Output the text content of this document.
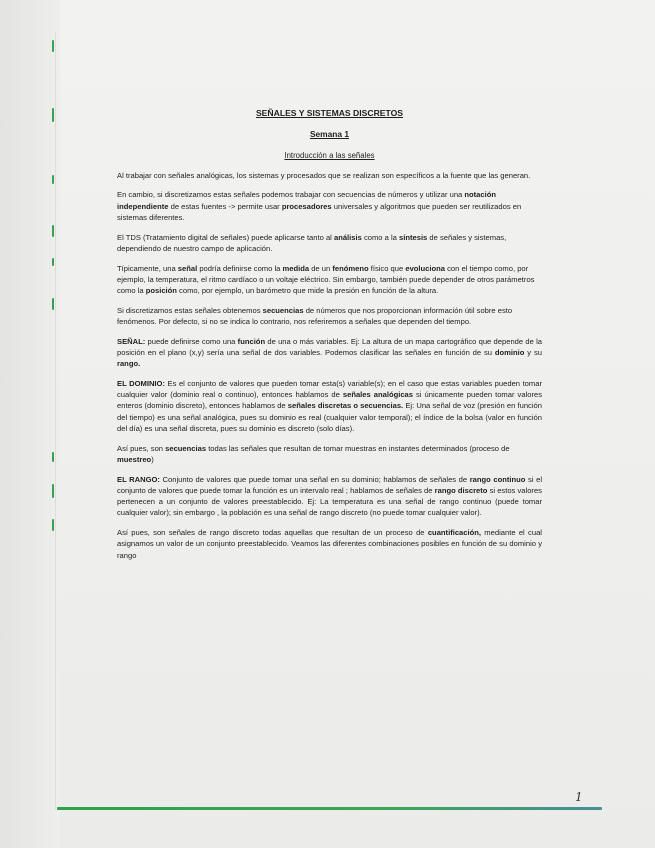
SEÑALES Y SISTEMAS DISCRETOS
Semana 1
Introducción a las señales

Al trabajar con señales analógicas, los sistemas y procesados que se realizan son específicos a la fuente que las generan.

En cambio, si discretizamos estas señales podemos trabajar con secuencias de números y utilizar una notación independiente de estas fuentes -> permite usar procesadores universales y algoritmos que pueden ser reutilizados en sistemas diferentes.

El TDS (Tratamiento digital de señales) puede aplicarse tanto al análisis como a la síntesis de señales y sistemas, dependiendo de nuestro campo de aplicación.

Típicamente, una señal podría definirse como la medida de un fenómeno físico que evoluciona con el tiempo como, por ejemplo, la temperatura, el ritmo cardíaco o un voltaje eléctrico. Sin embargo, también puede depender de otros parámetros como la posición como, por ejemplo, un barómetro que mide la presión en función de la altura.

Si discretizamos estas señales obtenemos secuencias de números que nos proporcionan información útil sobre esto fenómenos. Por defecto, si no se indica lo contrario, nos referiremos a señales que dependen del tiempo.

SEÑAL: puede definirse como una función de una o más variables. Ej: La altura de un mapa cartográfico que depende de la posición en el plano (x,y) sería una señal de dos variables. Podemos clasificar las señales en función de su dominio y su rango.

EL DOMINIO: Es el conjunto de valores que pueden tomar esta(s) variable(s); en el caso que estas variables pueden tomar cualquier valor (dominio real o continuo), entonces hablamos de señales analógicas si únicamente pueden tomar valores enteros (dominio discreto), entonces hablamos de señales discretas o secuencias. Ej: Una señal de voz (presión en función del tiempo) es una señal analógica, pues su dominio es real (cualquier valor temporal); el índice de la bolsa (valor en función del día) es una señal discreta, pues su dominio es discreto (solo días).

Así pues, son secuencias todas las señales que resultan de tomar muestras en instantes determinados (proceso de muestreo)

EL RANGO: Conjunto de valores que puede tomar una señal en su dominio; hablamos de señales de rango continuo si el conjunto de valores que puede tomar la función es un intervalo real ; hablamos de señales de rango discreto si estos valores pertenecen a un conjunto de valores preestablecido. Ej: La temperatura es una señal de rango continuo (puede tomar cualquier valor); sin embargo , la población es una señal de rango discreto (no puede tomar cualquier valor).

Así pues, son señales de rango discreto todas aquellas que resultan de un proceso de cuantificación, mediante el cual asignamos un valor de un conjunto preestablecido. Veamos las diferentes combinaciones posibles en función de su dominio y rango

1
